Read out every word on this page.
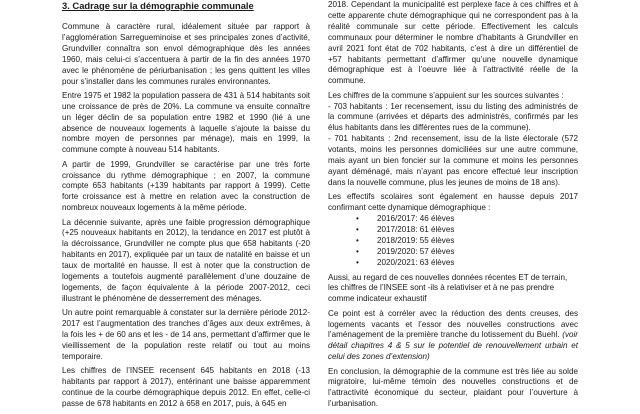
3. Cadrage sur la démographie communale

Commune à caractère rural, idéalement située par rapport à l’agglomération Sarregueminoise et ses principales zones d’activité, Grundviller connaîtra son envol démographique dès les années 1960, mais celui-ci s’accentuera à partir de la fin des années 1970 avec le phénomène de périurbanisation ; les gens quittent les villes pour s’installer dans les communes rurales environnantes.

Entre 1975 et 1982 la population passera de 431 à 514 habitants soit une croissance de près de 20%. La commune va ensuite connaître un léger déclin de sa population entre 1982 et 1990 (lié à une absence de nouveaux logements à laquelle s’ajoute la baisse du nombre moyen de personnes par ménage), mais en 1999, la commune compte à nouveau 514 habitants.

A partir de 1999, Grundviller se caractérise par une très forte croissance du rythme démographique ; en 2007, la commune compte 653 habitants (+139 habitants par rapport à 1999). Cette forte croissance est à mettre en relation avec la construction de nombreux nouveaux logements à la même période.

La décennie suivante, après une faible progression démographique (+25 nouveaux habitants en 2012), la tendance en 2017 est plutôt à la décroissance, Grundviller ne compte plus que 658 habitants (-20 habitants en 2017), expliquée par un taux de natalité en baisse et un taux de mortalité en hausse. Il est à noter que la construction de logements a toutefois augmenté parallèlement d’une douzaine de logements, de façon équivalente à la période 2007-2012, ceci illustrant le phénomène de desserrement des ménages.

Un autre point remarquable à constater sur la dernière période 2012-2017 est l’augmentation des tranches d’âges aux deux extrêmes, à la fois les + de 60 ans et les - de 14 ans, permettant d’affirmer que le vieillissement de la population reste relatif ou tout au moins temporaire.

Les chiffres de l’INSEE recensent 645 habitants en 2018 (-13 habitants par rapport à 2017), entérinant une baisse apparemment continue de la courbe démographique depuis 2012. En effet, celle-ci passe de 678 habitants en 2012 à 658 en 2017, puis, à 645 en

2018. Cependant la municipalité est perplexe face à ces chiffres et à cette apparente chute démographique qui ne correspondent pas à la réalité communale sur cette période. Effectivement les calculs communaux pour déterminer le nombre d’habitants à Grundviller en avril 2021 font état de 702 habitants, c’est à dire un différentiel de +57 habitants permettant d’affirmer qu’une nouvelle dynamique démographique est à l’oeuvre liée à l’attractivité réelle de la commune.

Les chiffres de la commune s’appuient sur les sources suivantes :

- 703 habitants : 1er recensement, issu du listing des administrés de la commune (arrivées et départs des administrés, confirmés par les élus habitants dans les différentes rues de la commune).

- 701 habitants : 2nd recensement, issu de la liste électorale (572 votants, moins les personnes domiciliées sur une autre commune, mais ayant un bien foncier sur la commune et moins les personnes ayant déménagé, mais n’ayant pas encore effectué leur inscription dans la nouvelle commune, plus les jeunes de moins de 18 ans).

Les effectifs scolaires sont également en hausse depuis 2017 confirmant cette dynamique démographique :

• 2016/2017: 46 élèves
• 2017/2018: 61 élèves
• 2018/2019: 55 élèves
• 2019/2020: 57 élèves
• 2020/2021: 63 élèves

Aussi, au regard de ces nouvelles données récentes ET de terrain, les chiffres de l’INSEE sont -ils à relativiser et à ne pas prendre comme indicateur exhaustif

Ce point est à corréler avec la réduction des dents creuses, des logements vacants et l’essor des nouvelles constructions avec l’aménagement de la première tranche du lotissement du Buehl. (voir détail chapitres 4 & 5 sur le potentiel de renouvellement urbain et celui des zones d’extension)

En conclusion, la démographie de la commune est très liée au solde migratoire, lui-même témoin des nouvelles constructions et de l’attractivité économique du secteur, plaidant pour l’ouverture à l’urbanisation.
